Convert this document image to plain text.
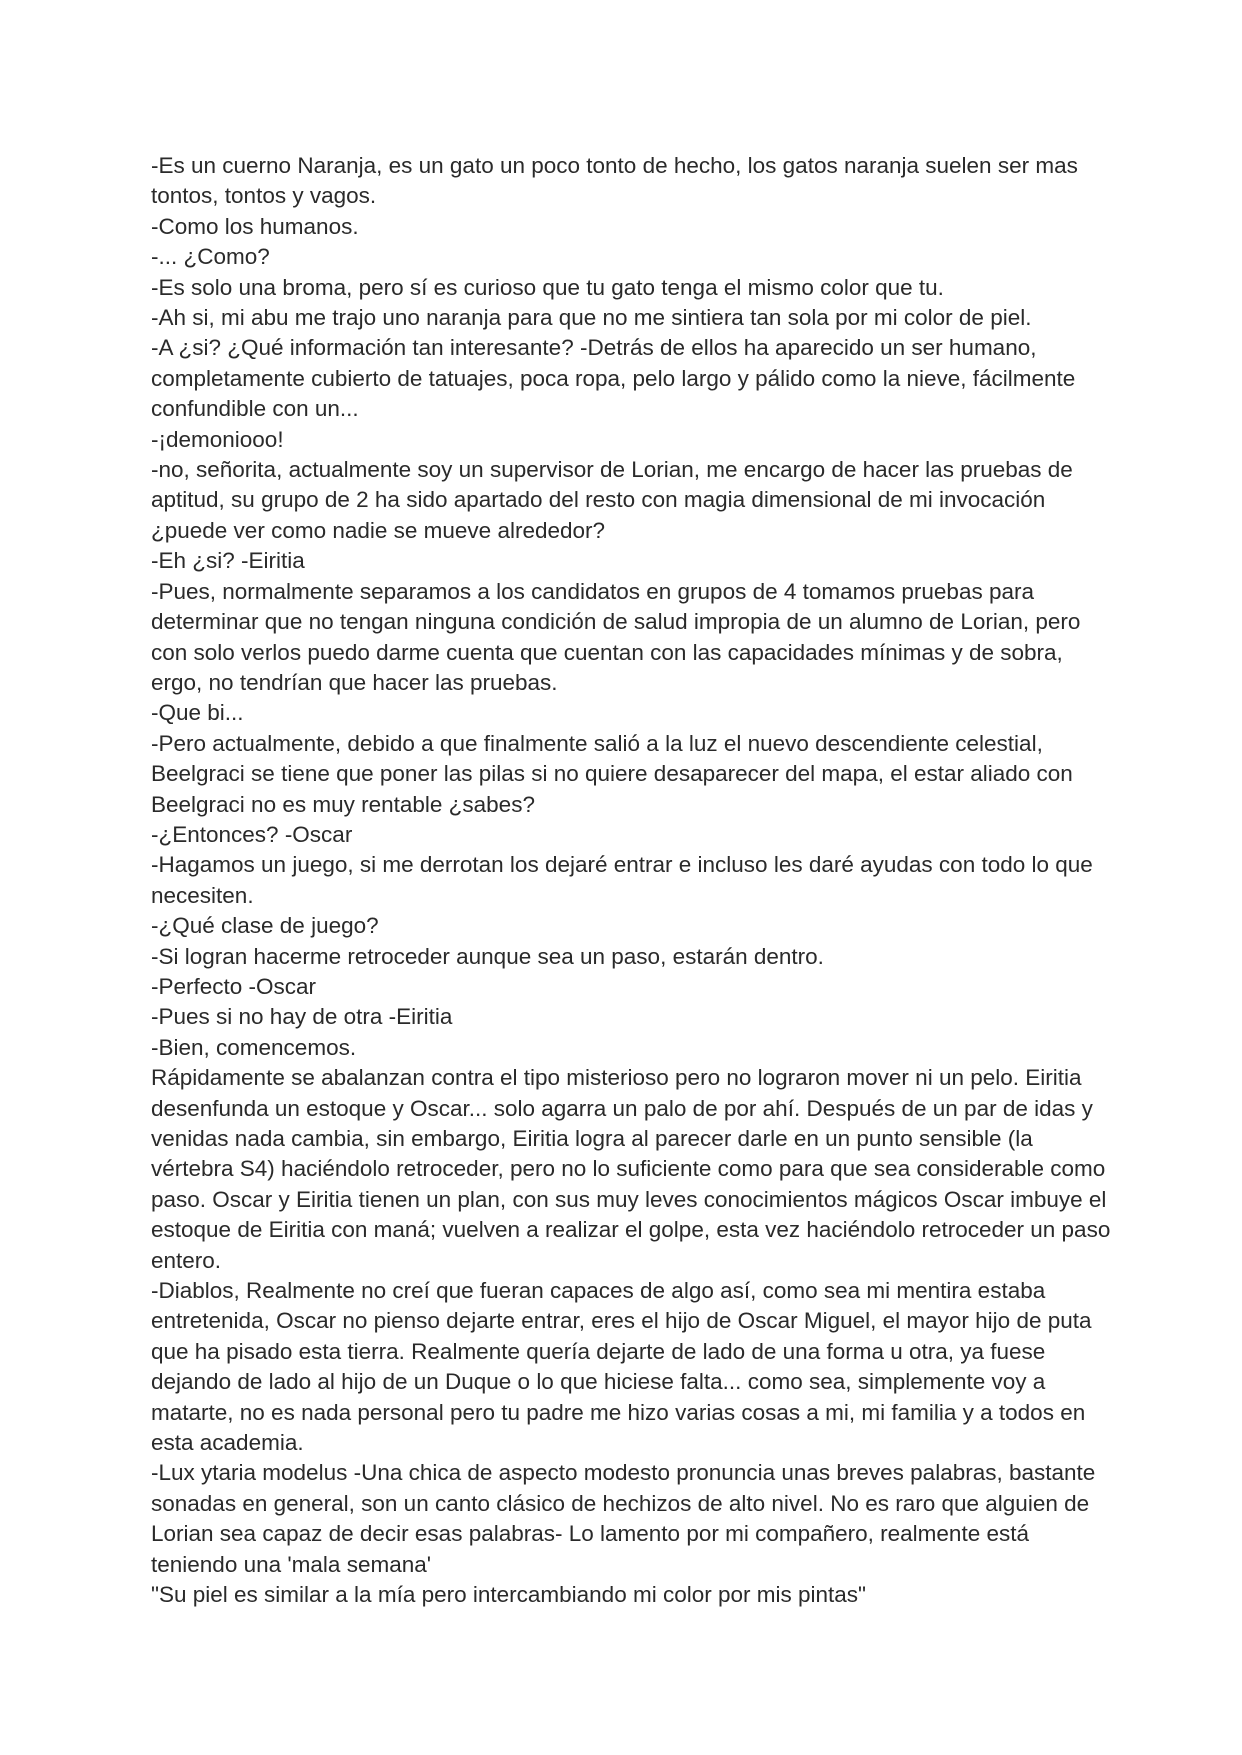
-Es un cuerno Naranja, es un gato un poco tonto de hecho, los gatos naranja suelen ser mas tontos, tontos y vagos.

-Como los humanos.

-... ¿Como?

-Es solo una broma, pero sí es curioso que tu gato tenga el mismo color que tu.

-Ah si, mi abu me trajo uno naranja para que no me sintiera tan sola por mi color de piel.

-A ¿si? ¿Qué información tan interesante? -Detrás de ellos ha aparecido un ser humano, completamente cubierto de tatuajes, poca ropa, pelo largo y pálido como la nieve, fácilmente confundible con un...

-¡demoniooo!

-no, señorita, actualmente soy un supervisor de Lorian, me encargo de hacer las pruebas de aptitud, su grupo de 2 ha sido apartado del resto con magia dimensional de mi invocación ¿puede ver como nadie se mueve alrededor?

-Eh ¿si? -Eiritia

-Pues, normalmente separamos a los candidatos en grupos de 4 tomamos pruebas para determinar que no tengan ninguna condición de salud impropia de un alumno de Lorian, pero con solo verlos puedo darme cuenta que cuentan con las capacidades mínimas y de sobra, ergo, no tendrían que hacer las pruebas.

-Que bi...

-Pero actualmente, debido a que finalmente salió a la luz el nuevo descendiente celestial, Beelgraci se tiene que poner las pilas si no quiere desaparecer del mapa, el estar aliado con Beelgraci no es muy rentable ¿sabes?

-¿Entonces? -Oscar

-Hagamos un juego, si me derrotan los dejaré entrar e incluso les daré ayudas con todo lo que necesiten.

-¿Qué clase de juego?

-Si logran hacerme retroceder aunque sea un paso, estarán dentro.

-Perfecto -Oscar

-Pues si no hay de otra -Eiritia

-Bien, comencemos.

Rápidamente se abalanzan contra el tipo misterioso pero no lograron mover ni un pelo. Eiritia desenfunda un estoque y Oscar... solo agarra un palo de por ahí. Después de un par de idas y venidas nada cambia, sin embargo, Eiritia logra al parecer darle en un punto sensible (la vértebra S4) haciéndolo retroceder, pero no lo suficiente como para que sea considerable como paso. Oscar y Eiritia tienen un plan, con sus muy leves conocimientos mágicos Oscar imbuye el estoque de Eiritia con maná; vuelven a realizar el golpe, esta vez haciéndolo retroceder un paso entero.

-Diablos, Realmente no creí que fueran capaces de algo así, como sea mi mentira estaba entretenida, Oscar no pienso dejarte entrar, eres el hijo de Oscar Miguel, el mayor hijo de puta que ha pisado esta tierra. Realmente quería dejarte de lado de una forma u otra, ya fuese dejando de lado al hijo de un Duque o lo que hiciese falta... como sea, simplemente voy a matarte, no es nada personal pero tu padre me hizo varias cosas a mi, mi familia y a todos en esta academia.

-Lux ytaria modelus -Una chica de aspecto modesto pronuncia unas breves palabras, bastante sonadas en general, son un canto clásico de hechizos de alto nivel. No es raro que alguien de Lorian sea capaz de decir esas palabras- Lo lamento por mi compañero, realmente está teniendo una 'mala semana'

"Su piel es similar a la mía pero intercambiando mi color por mis pintas"
